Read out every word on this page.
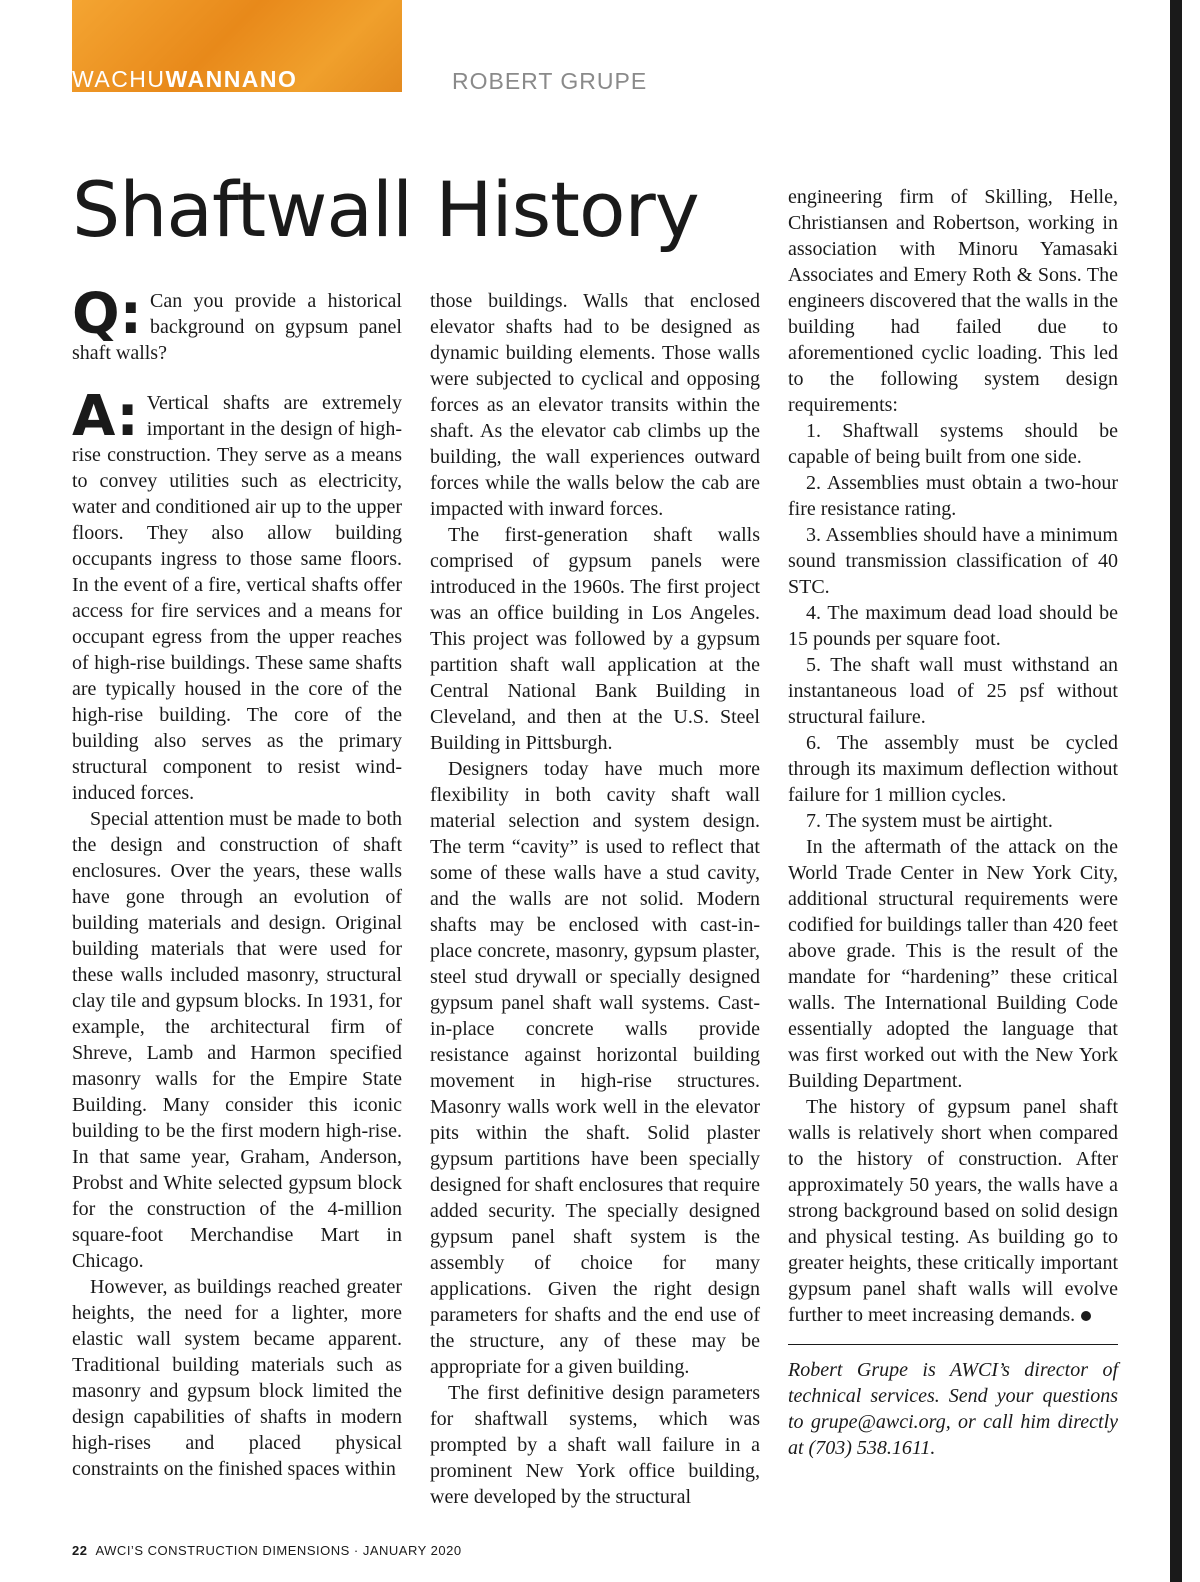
WACHUWANNANO	ROBERT GRUPE
Shaftwall History

Q: Can you provide a historical background on gypsum panel shaft walls?

A: Vertical shafts are extremely important in the design of high-rise construction. They serve as a means to convey utilities such as electricity, water and conditioned air up to the upper floors. They also allow building occupants ingress to those same floors. In the event of a fire, vertical shafts offer access for fire services and a means for occupant egress from the upper reaches of high-rise buildings. These same shafts are typically housed in the core of the high-rise building. The core of the building also serves as the primary structural component to resist wind-induced forces.

Special attention must be made to both the design and construction of shaft enclosures. Over the years, these walls have gone through an evolution of building materials and design. Original building materials that were used for these walls included masonry, structural clay tile and gypsum blocks. In 1931, for example, the architectural firm of Shreve, Lamb and Harmon specified masonry walls for the Empire State Building. Many consider this iconic building to be the first modern high-rise. In that same year, Graham, Anderson, Probst and White selected gypsum block for the construction of the 4-million square-foot Merchandise Mart in Chicago.

However, as buildings reached greater heights, the need for a lighter, more elastic wall system became apparent. Traditional building materials such as masonry and gypsum block limited the design capabilities of shafts in modern high-rises and placed physical constraints on the finished spaces within

those buildings. Walls that enclosed elevator shafts had to be designed as dynamic building elements. Those walls were subjected to cyclical and opposing forces as an elevator transits within the shaft. As the elevator cab climbs up the building, the wall experiences outward forces while the walls below the cab are impacted with inward forces.

The first-generation shaft walls comprised of gypsum panels were introduced in the 1960s. The first project was an office building in Los Angeles. This project was followed by a gypsum partition shaft wall application at the Central National Bank Building in Cleveland, and then at the U.S. Steel Building in Pittsburgh.

Designers today have much more flexibility in both cavity shaft wall material selection and system design. The term “cavity” is used to reflect that some of these walls have a stud cavity, and the walls are not solid. Modern shafts may be enclosed with cast-in-place concrete, masonry, gypsum plaster, steel stud drywall or specially designed gypsum panel shaft wall systems. Cast-in-place concrete walls provide resistance against horizontal building movement in high-rise structures. Masonry walls work well in the elevator pits within the shaft. Solid plaster gypsum partitions have been specially designed for shaft enclosures that require added security. The specially designed gypsum panel shaft system is the assembly of choice for many applications. Given the right design parameters for shafts and the end use of the structure, any of these may be appropriate for a given building.

The first definitive design parameters for shaftwall systems, which was prompted by a shaft wall failure in a prominent New York office building, were developed by the structural

engineering firm of Skilling, Helle, Christiansen and Robertson, working in association with Minoru Yamasaki Associates and Emery Roth & Sons. The engineers discovered that the walls in the building had failed due to aforementioned cyclic loading. This led to the following system design requirements:

1. Shaftwall systems should be capable of being built from one side.

2. Assemblies must obtain a two-hour fire resistance rating.

3. Assemblies should have a minimum sound transmission classification of 40 STC.

4. The maximum dead load should be 15 pounds per square foot.

5. The shaft wall must withstand an instantaneous load of 25 psf without structural failure.

6. The assembly must be cycled through its maximum deflection without failure for 1 million cycles.

7. The system must be airtight.

In the aftermath of the attack on the World Trade Center in New York City, additional structural requirements were codified for buildings taller than 420 feet above grade. This is the result of the mandate for “hardening” these critical walls. The International Building Code essentially adopted the language that was first worked out with the New York Building Department.

The history of gypsum panel shaft walls is relatively short when compared to the history of construction. After approximately 50 years, the walls have a strong background based on solid design and physical testing. As building go to greater heights, these critically important gypsum panel shaft walls will evolve further to meet increasing demands.

Robert Grupe is AWCI’s director of technical services. Send your questions to grupe@awci.org, or call him directly at (703) 538.1611.

22 AWCI’S CONSTRUCTION DIMENSIONS · JANUARY 2020
